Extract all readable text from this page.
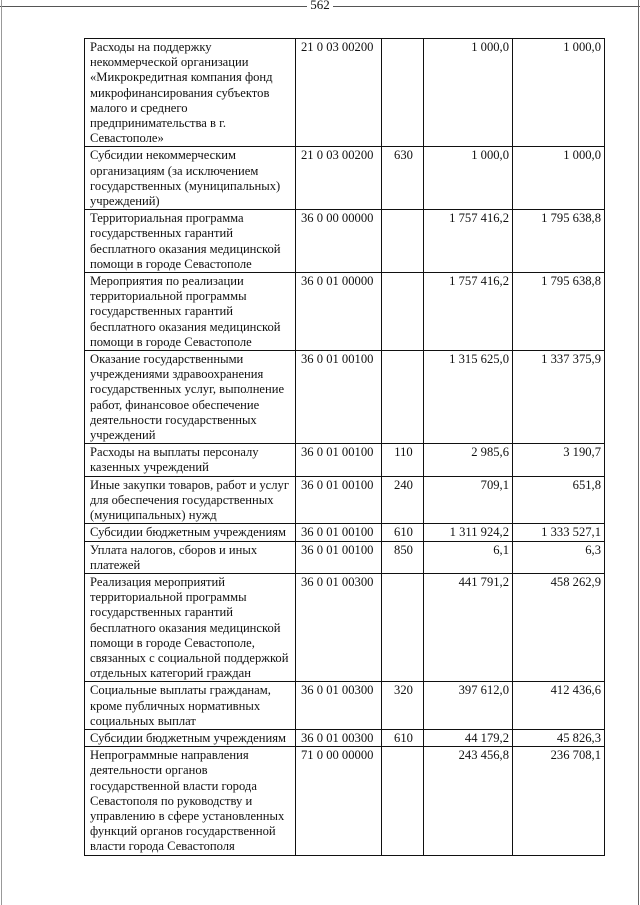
562
Расходы на поддержку некоммерческой организации «Микрокредитная компания фонд микрофинансирования субъектов малого и среднего предпринимательства в г. Севастополе»	21 0 03 00200		1 000,0	1 000,0
Субсидии некоммерческим организациям (за исключением государственных (муниципальных) учреждений)	21 0 03 00200	630	1 000,0	1 000,0
Территориальная программа государственных гарантий бесплатного оказания медицинской помощи в городе Севастополе	36 0 00 00000		1 757 416,2	1 795 638,8
Мероприятия по реализации территориальной программы государственных гарантий бесплатного оказания медицинской помощи в городе Севастополе	36 0 01 00000		1 757 416,2	1 795 638,8
Оказание государственными учреждениями здравоохранения государственных услуг, выполнение работ, финансовое обеспечение деятельности государственных учреждений	36 0 01 00100		1 315 625,0	1 337 375,9
Расходы на выплаты персоналу казенных учреждений	36 0 01 00100	110	2 985,6	3 190,7
Иные закупки товаров, работ и услуг для обеспечения государственных (муниципальных) нужд	36 0 01 00100	240	709,1	651,8
Субсидии бюджетным учреждениям	36 0 01 00100	610	1 311 924,2	1 333 527,1
Уплата налогов, сборов и иных платежей	36 0 01 00100	850	6,1	6,3
Реализация мероприятий территориальной программы государственных гарантий бесплатного оказания медицинской помощи в городе Севастополе, связанных с социальной поддержкой отдельных категорий граждан	36 0 01 00300		441 791,2	458 262,9
Социальные выплаты гражданам, кроме публичных нормативных социальных выплат	36 0 01 00300	320	397 612,0	412 436,6
Субсидии бюджетным учреждениям	36 0 01 00300	610	44 179,2	45 826,3
Непрограммные направления деятельности органов государственной власти города Севастополя по руководству и управлению в сфере установленных функций органов государственной власти города Севастополя	71 0 00 00000		243 456,8	236 708,1
